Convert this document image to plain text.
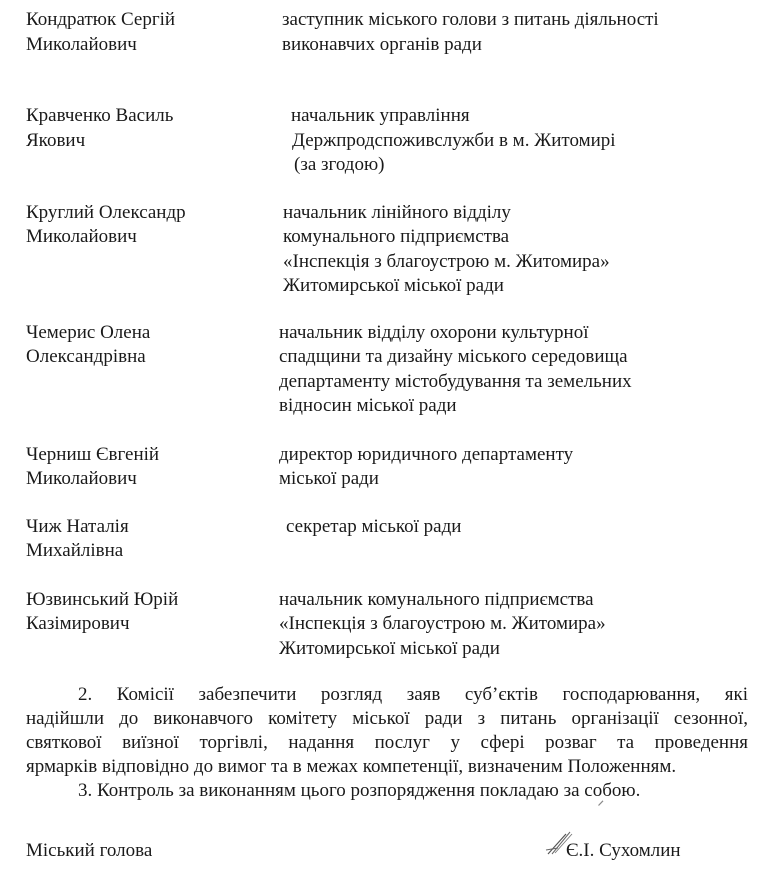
Кондратюк Сергій
Миколайович
заступник міського голови з питань діяльності
виконавчих органів ради
Кравченко Василь
Якович
начальник управління
Держпродспоживслужби в м. Житомирі
(за згодою)
Круглий Олександр
Миколайович
начальник лінійного відділу
комунального підприємства
«Інспекція з благоустрою м. Житомира»
Житомирської міської ради
Чемерис Олена
Олександрівна
начальник відділу охорони культурної
спадщини та дизайну міського середовища
департаменту містобудування та земельних
відносин міської ради
Черниш Євгеній
Миколайович
директор юридичного департаменту
міської ради
Чиж Наталія
Михайлівна
секретар міської ради
Юзвинський Юрій
Казімирович
начальник комунального підприємства
«Інспекція з благоустрою м. Житомира»
Житомирської міської ради
2. Комісії забезпечити розгляд заяв суб’єктів господарювання, які
надійшли до виконавчого комітету міської ради з питань організації сезонної,
святкової виїзної торгівлі, надання послуг у сфері розваг та проведення
ярмарків відповідно до вимог та в межах компетенції, визначеним Положенням.
3. Контроль за виконанням цього розпорядження покладаю за собою.
Міський голова	Є.І. Сухомлин
